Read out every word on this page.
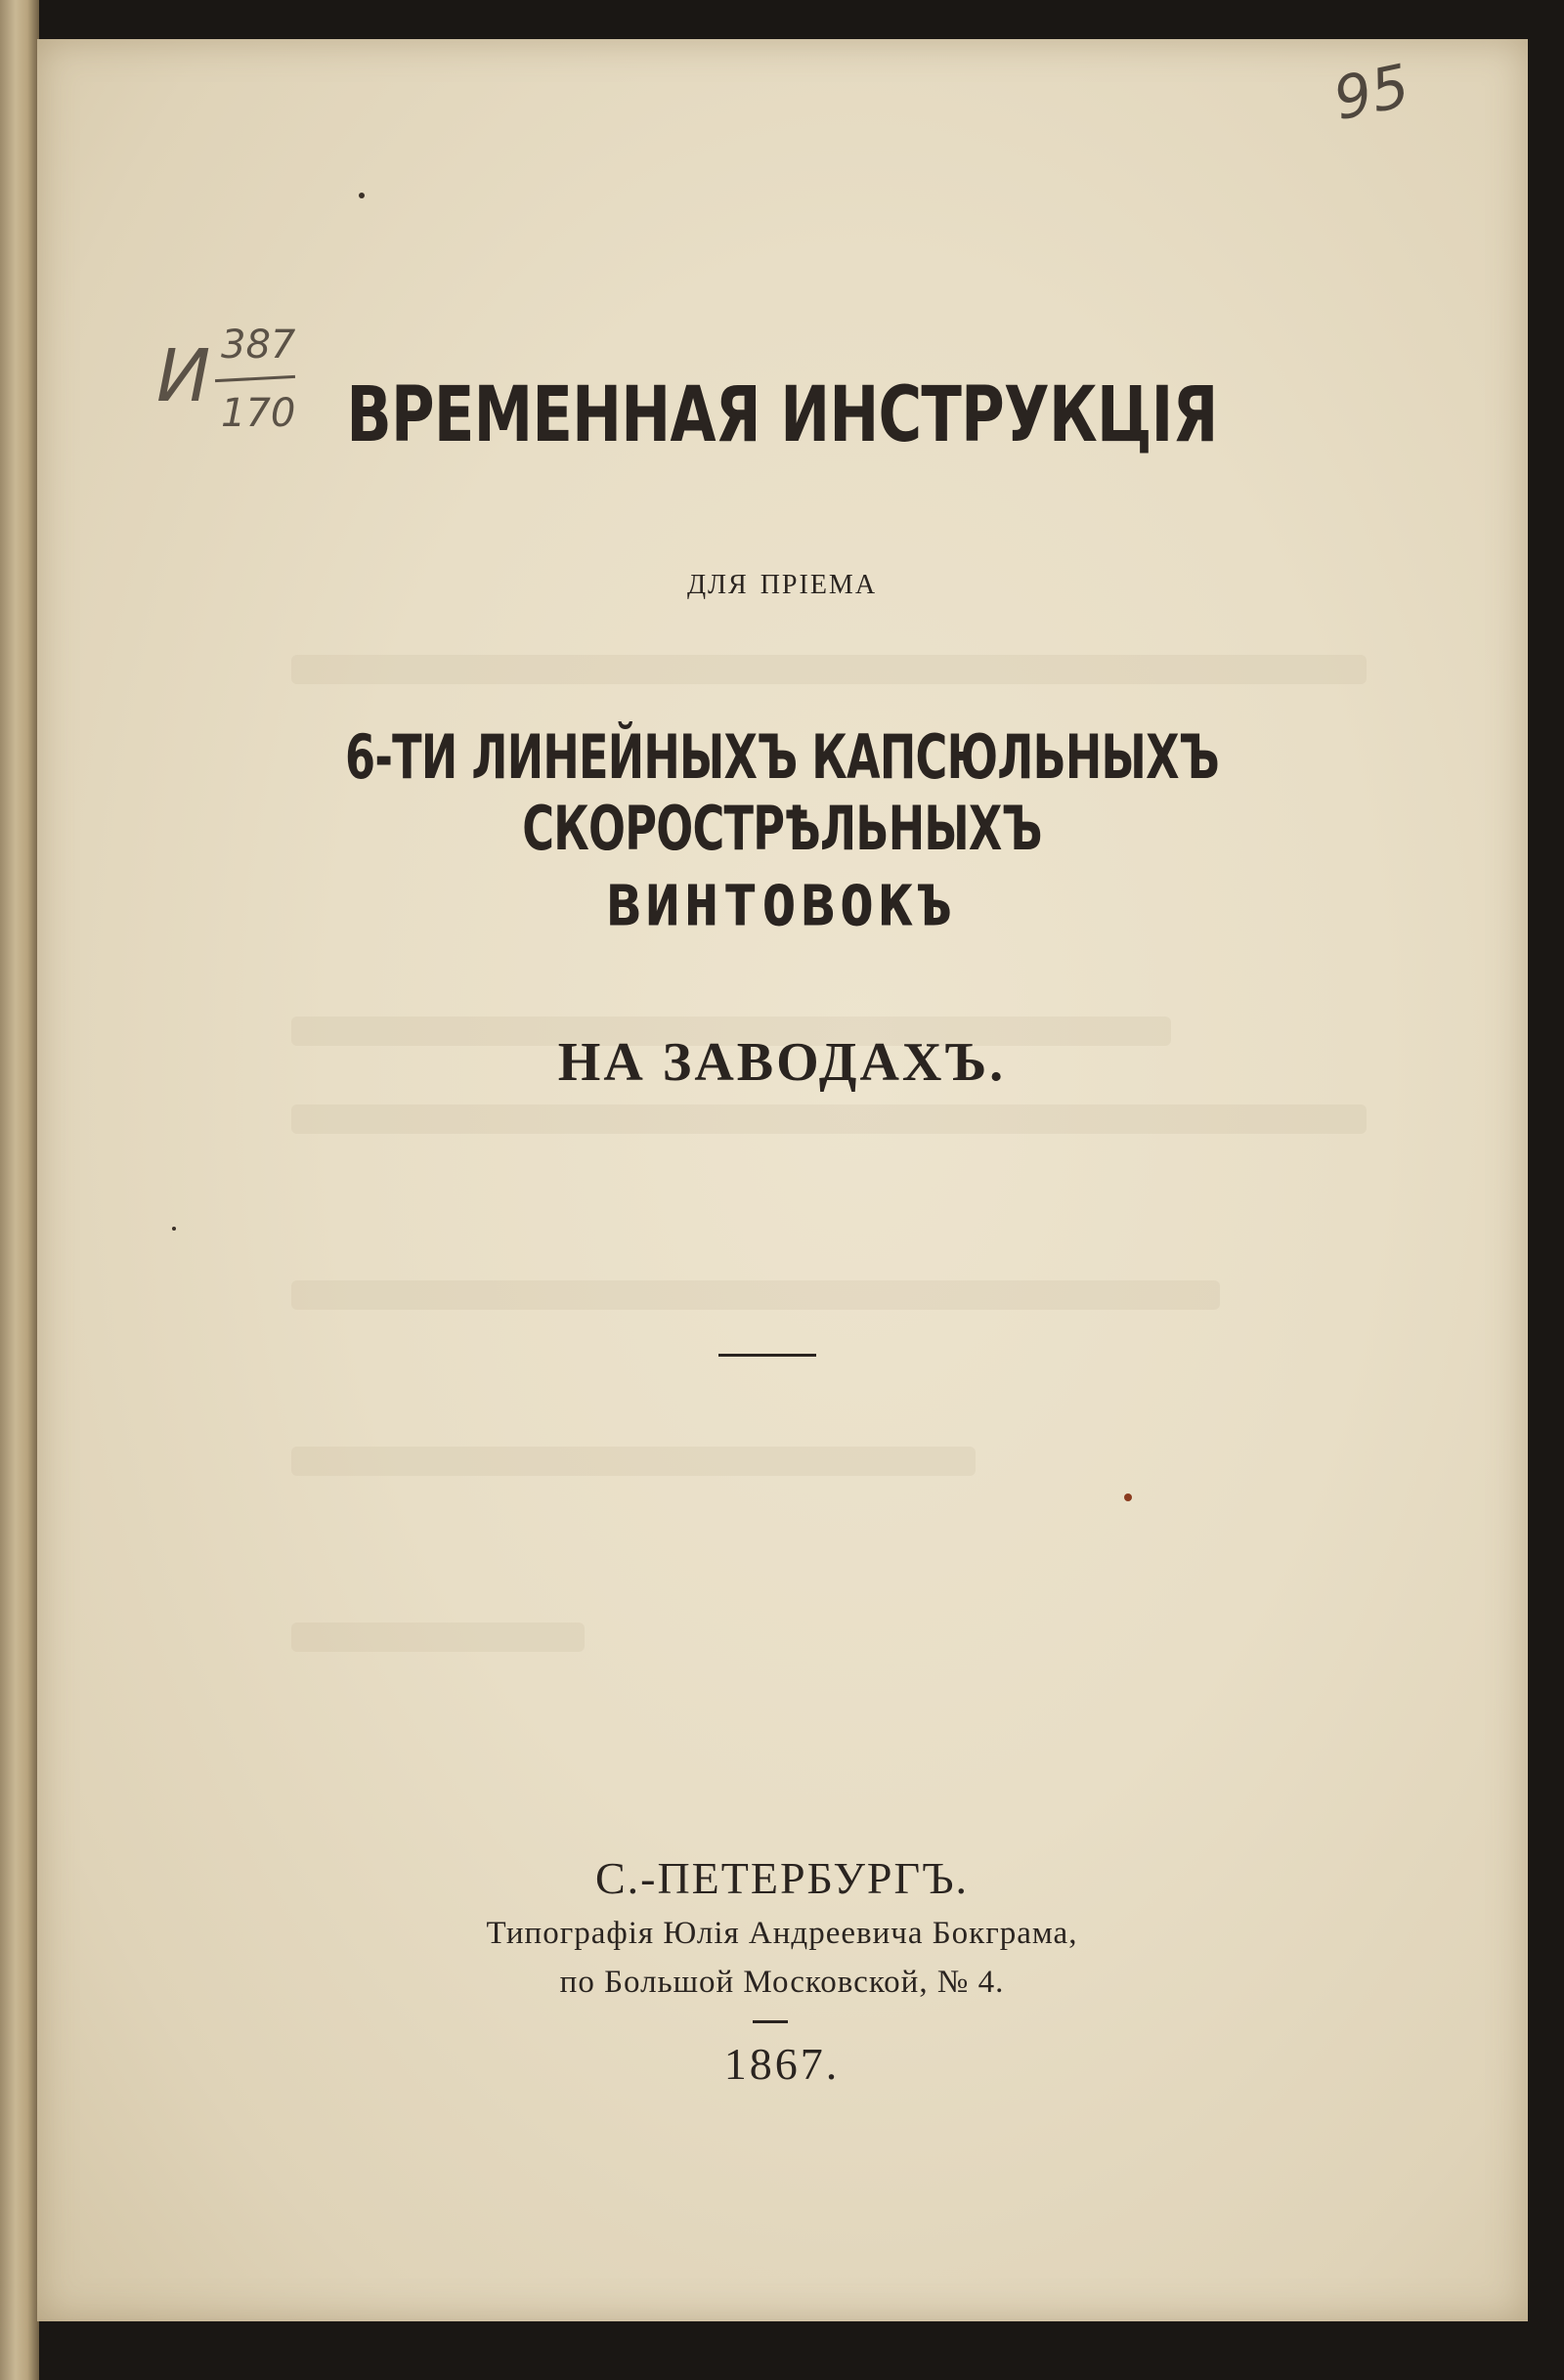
И 387
170
95
ВРЕМЕННАЯ ИНСТРУКЦІЯ
для пріема
6-ТИ ЛИНЕЙНЫХЪ КАПСЮЛЬНЫХЪ СКОРОСТРѢЛЬНЫХЪ
ВИНТОВОКЪ
НА ЗАВОДАХЪ.
С.-ПЕТЕРБУРГЪ.
Типографія Юлія Андреевича Бокграма,
по Большой Московской, № 4.
1867.
